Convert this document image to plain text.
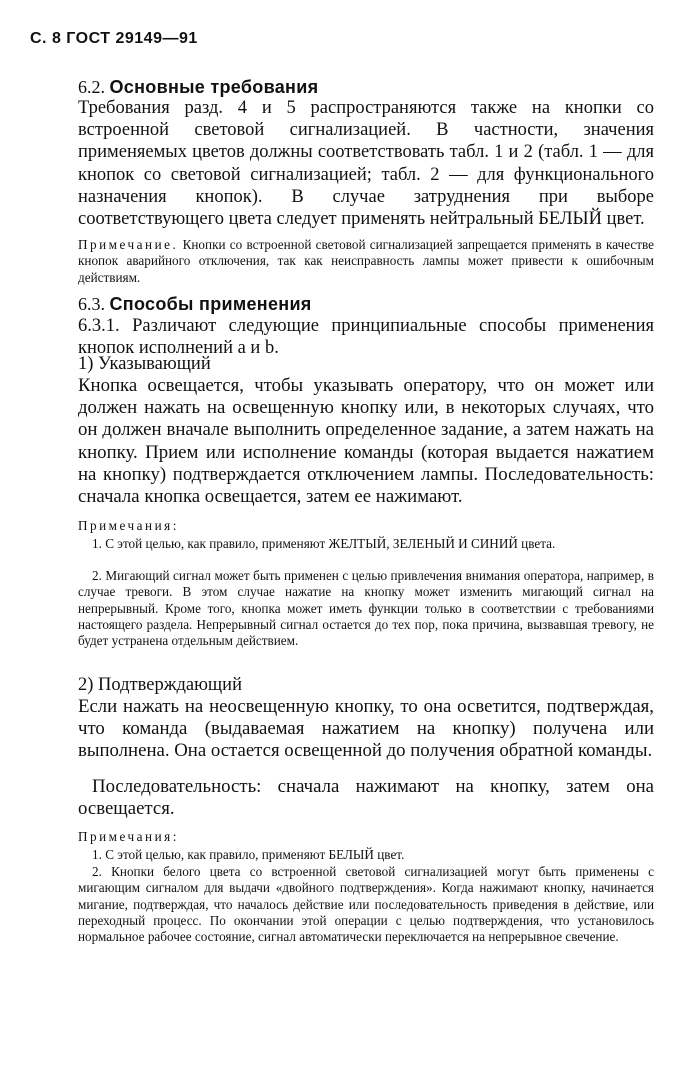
С. 8 ГОСТ 29149—91
6.2. Основные требования
Требования разд. 4 и 5 распространяются также на кнопки со встроенной световой сигнализацией. В частности, значения применяемых цветов должны соответствовать табл. 1 и 2 (табл. 1 — для кнопок со световой сигнализацией; табл. 2 — для функционального назначения кнопок). В случае затруднения при выборе соответствующего цвета следует применять нейтральный БЕЛЫЙ цвет.
Примечание. Кнопки со встроенной световой сигнализацией запрещается применять в качестве кнопок аварийного отключения, так как неисправность лампы может привести к ошибочным действиям.
6.3. Способы применения
6.3.1. Различают следующие принципиальные способы применения кнопок исполнений a и b.
1) Указывающий
Кнопка освещается, чтобы указывать оператору, что он может или должен нажать на освещенную кнопку или, в некоторых случаях, что он должен вначале выполнить определенное задание, а затем нажать на кнопку. Прием или исполнение команды (которая выдается нажатием на кнопку) подтверждается отключением лампы. Последовательность: сначала кнопка освещается, затем ее нажимают.
Примечания:
1. С этой целью, как правило, применяют ЖЕЛТЫЙ, ЗЕЛЕНЫЙ И СИНИЙ цвета.
2. Мигающий сигнал может быть применен с целью привлечения внимания оператора, например, в случае тревоги. В этом случае нажатие на кнопку может изменить мигающий сигнал на непрерывный. Кроме того, кнопка может иметь функции только в соответствии с требованиями настоящего раздела. Непрерывный сигнал остается до тех пор, пока причина, вызвавшая тревогу, не будет устранена отдельным действием.
2) Подтверждающий
Если нажать на неосвещенную кнопку, то она осветится, подтверждая, что команда (выдаваемая нажатием на кнопку) получена или выполнена. Она остается освещенной до получения обратной команды.
Последовательность: сначала нажимают на кнопку, затем она освещается.
Примечания:
1. С этой целью, как правило, применяют БЕЛЫЙ цвет.
2. Кнопки белого цвета со встроенной световой сигнализацией могут быть применены с мигающим сигналом для выдачи «двойного подтверждения». Когда нажимают кнопку, начинается мигание, подтверждая, что началось действие или последовательность приведения в действие, или переходный процесс. По окончании этой операции с целью подтверждения, что установилось нормальное рабочее состояние, сигнал автоматически переключается на непрерывное свечение.
